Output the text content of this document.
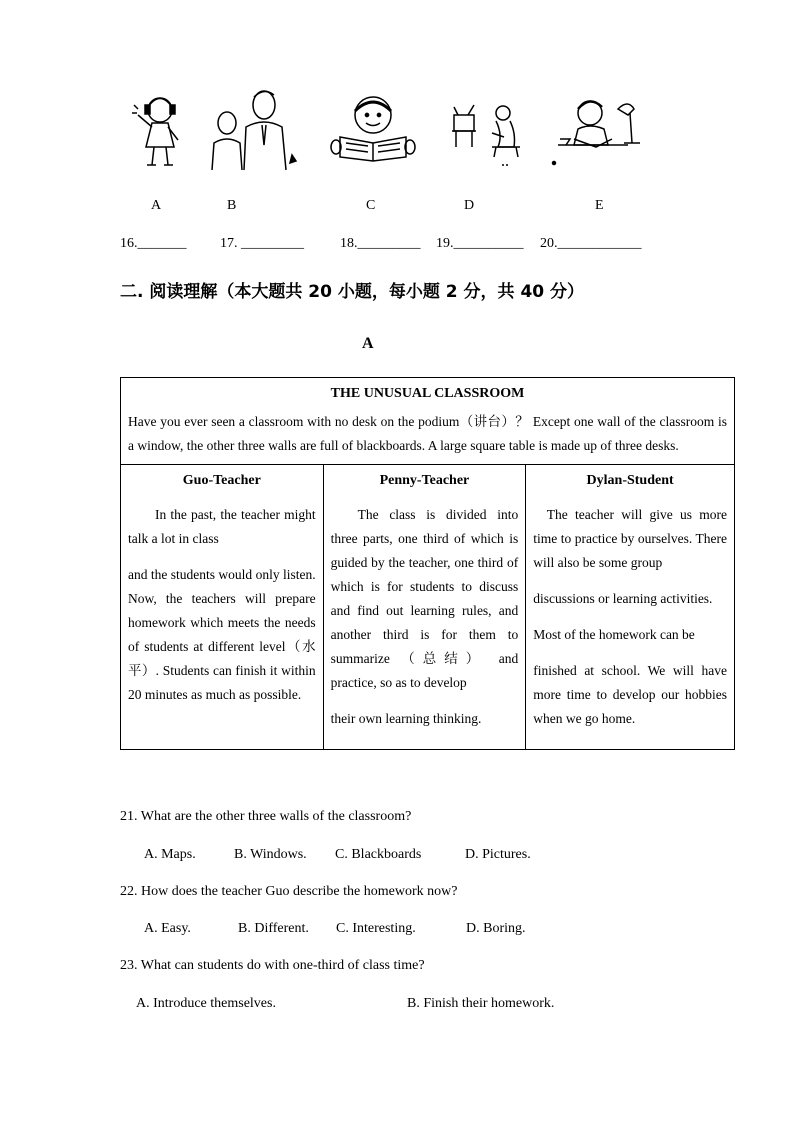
A	B	C	D	E
16._______ 17. _________	18._________ 19.__________ 20.____________
二. 阅读理解（本大题共 20 小题，每小题 2 分，共 40 分）
A
THE UNUSUAL CLASSROOM
Have you ever seen a classroom with no desk on the podium（讲台）？ Except one wall of the classroom is a window, the other three walls are full of blackboards. A large square table is made up of three desks.

Guo-Teacher

In the past, the teacher might talk a lot in class

and the students would only listen. Now, the teachers will prepare homework which meets the needs of students at different level（水平）. Students can finish it within 20 minutes as much as possible.

Penny-Teacher

The class is divided into three parts, one third of which is guided by the teacher, one third of which is for students to discuss and find out learning rules, and another third is for them to summarize （总结） and practice, so as to develop

their own learning thinking.

Dylan-Student

The teacher will give us more time to practice by ourselves. There will also be some group

discussions or learning activities.

Most of the homework can be

finished at school. We will have more time to develop our hobbies when we go home.

21. What are the other three walls of the classroom?
A. Maps.	B. Windows. C. Blackboards	D. Pictures.
22. How does the teacher Guo describe the homework now?
A. Easy.	B. Different. C. Interesting.	D. Boring.
23. What can students do with one-third of class time?
A. Introduce themselves.	B. Finish their homework.
